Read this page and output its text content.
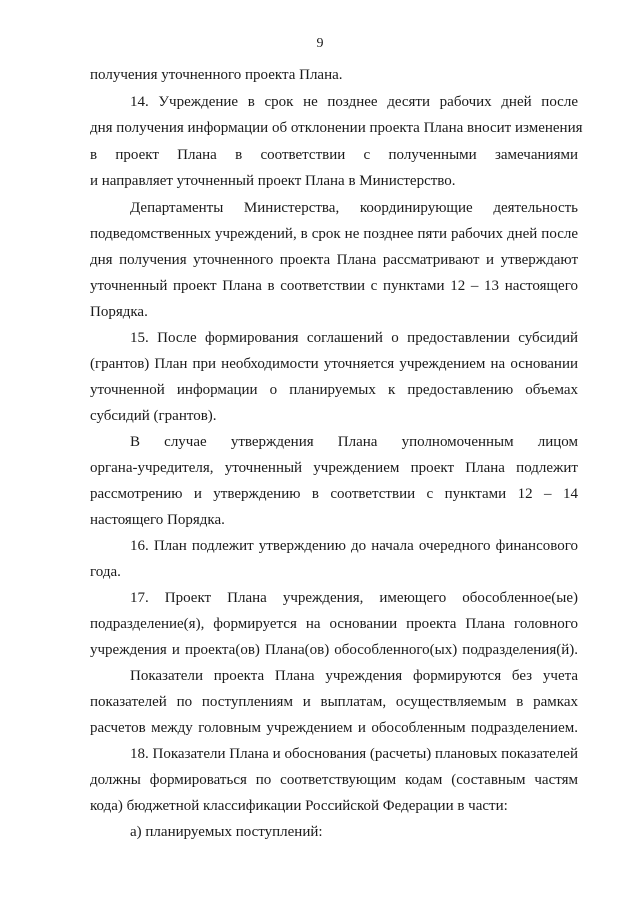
9
получения уточненного проекта Плана.
14. Учреждение в срок не позднее десяти рабочих дней после
дня получения информации об отклонении проекта Плана вносит изменения
в проект Плана в соответствии с полученными замечаниями
и направляет уточненный проект Плана в Министерство.
Департаменты Министерства, координирующие деятельность
подведомственных учреждений, в срок не позднее пяти рабочих дней после
дня получения уточненного проекта Плана рассматривают и утверждают
уточненный проект Плана в соответствии с пунктами 12 – 13 настоящего
Порядка.
15. После формирования соглашений о предоставлении субсидий
(грантов) План при необходимости уточняется учреждением на основании
уточненной информации о планируемых к предоставлению объемах
субсидий (грантов).
В случае утверждения Плана уполномоченным лицом
органа-учредителя, уточненный учреждением проект Плана подлежит
рассмотрению и утверждению в соответствии с пунктами 12 – 14
настоящего Порядка.
16. План подлежит утверждению до начала очередного финансового
года.
17. Проект Плана учреждения, имеющего обособленное(ые)
подразделение(я), формируется на основании проекта Плана головного
учреждения и проекта(ов) Плана(ов) обособленного(ых) подразделения(й).
Показатели проекта Плана учреждения формируются без учета
показателей по поступлениям и выплатам, осуществляемым в рамках
расчетов между головным учреждением и обособленным подразделением.
18. Показатели Плана и обоснования (расчеты) плановых показателей
должны формироваться по соответствующим кодам (составным частям
кода) бюджетной классификации Российской Федерации в части:
а) планируемых поступлений:
